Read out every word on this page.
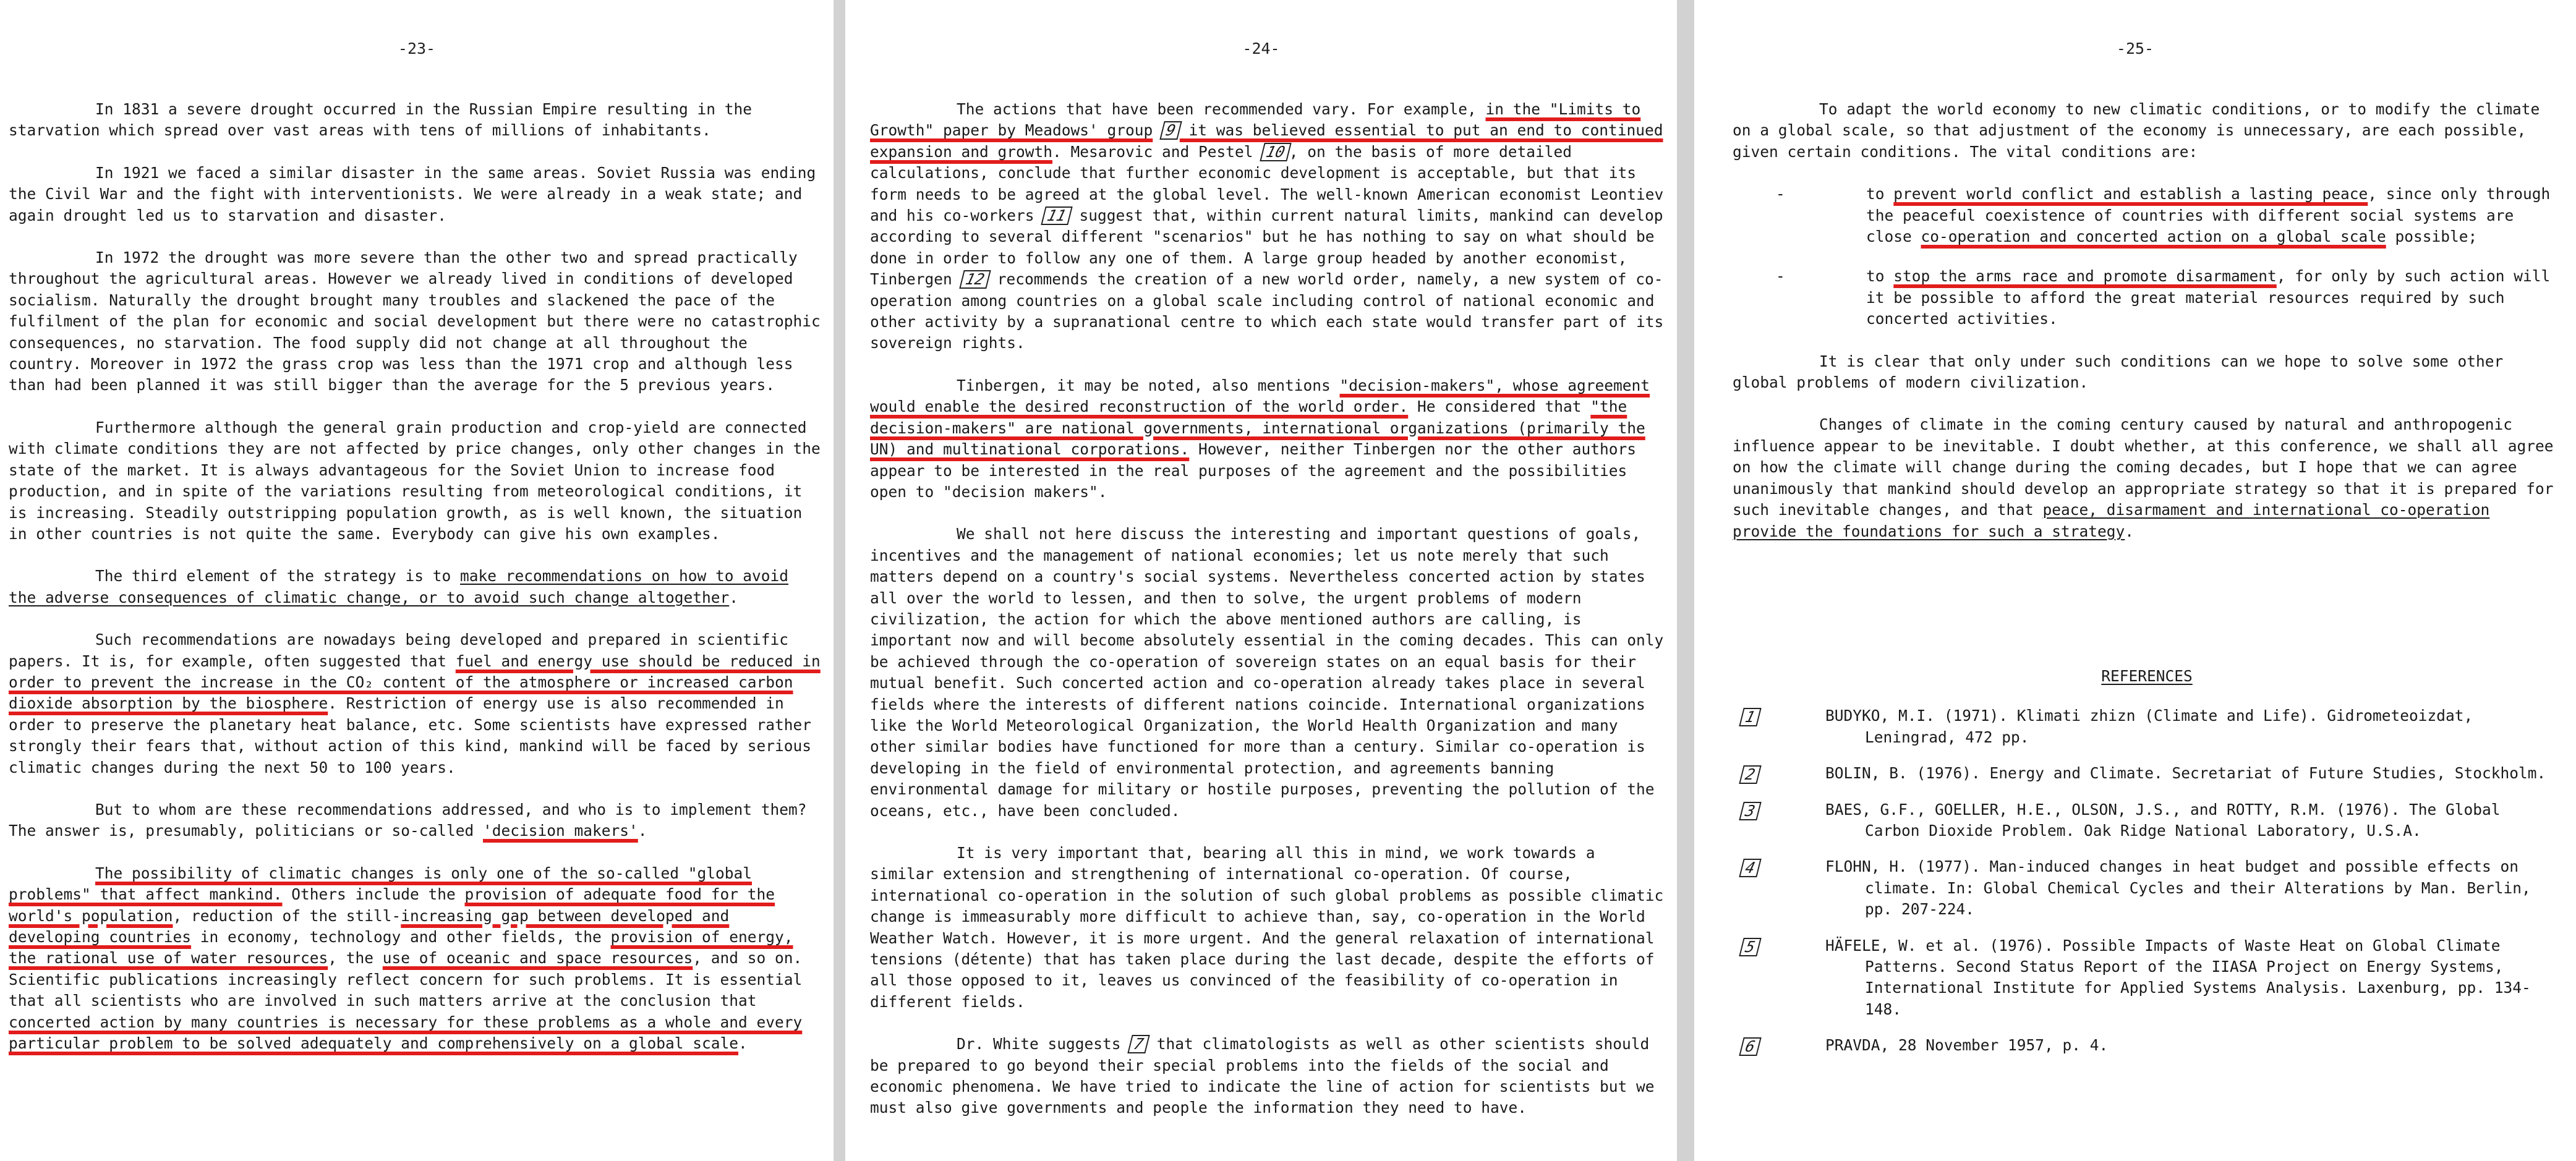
-23-

In 1831 a severe drought occurred in the Russian Empire resulting in the starvation which spread over vast areas with tens of millions of inhabitants.

In 1921 we faced a similar disaster in the same areas. Soviet Russia was ending the Civil War and the fight with interventionists. We were already in a weak state; and again drought led us to starvation and disaster.

In 1972 the drought was more severe than the other two and spread practically throughout the agricultural areas. However we already lived in conditions of developed socialism. Naturally the drought brought many troubles and slackened the pace of the fulfilment of the plan for economic and social development but there were no catastrophic consequences, no starvation. The food supply did not change at all throughout the country. Moreover in 1972 the grass crop was less than the 1971 crop and although less than had been planned it was still bigger than the average for the 5 previous years.

Furthermore although the general grain production and crop-yield are connected with climate conditions they are not affected by price changes, only other changes in the state of the market. It is always advantageous for the Soviet Union to increase food production, and in spite of the variations resulting from meteorological conditions, it is increasing. Steadily outstripping population growth, as is well known, the situation in other countries is not quite the same. Everybody can give his own examples.

The third element of the strategy is to make recommendations on how to avoid the adverse consequences of climatic change, or to avoid such change altogether.

Such recommendations are nowadays being developed and prepared in scientific papers. It is, for example, often suggested that fuel and energy use should be reduced in order to prevent the increase in the CO₂ content of the atmosphere or increased carbon dioxide absorption by the biosphere. Restriction of energy use is also recommended in order to preserve the planetary heat balance, etc. Some scientists have expressed rather strongly their fears that, without action of this kind, mankind will be faced by serious climatic changes during the next 50 to 100 years.

But to whom are these recommendations addressed, and who is to implement them? The answer is, presumably, politicians or so-called 'decision makers'.

The possibility of climatic changes is only one of the so-called "global problems" that affect mankind. Others include the provision of adequate food for the world's population, reduction of the still-increasing gap between developed and developing countries in economy, technology and other fields, the provision of energy, the rational use of water resources, the use of oceanic and space resources, and so on. Scientific publications increasingly reflect concern for such problems. It is essential that all scientists who are involved in such matters arrive at the conclusion that concerted action by many countries is necessary for these problems as a whole and every particular problem to be solved adequately and comprehensively on a global scale.

-24-

The actions that have been recommended vary. For example, in the "Limits to Growth" paper by Meadows' group 9 it was believed essential to put an end to continued expansion and growth. Mesarovic and Pestel 10 , on the basis of more detailed calculations, conclude that further economic development is acceptable, but that its form needs to be agreed at the global level. The well-known American economist Leontiev and his co-workers 11 suggest that, within current natural limits, mankind can develop according to several different "scenarios" but he has nothing to say on what should be done in order to follow any one of them. A large group headed by another economist, Tinbergen 12 recommends the creation of a new world order, namely, a new system of co-operation among countries on a global scale including control of national economic and other activity by a supranational centre to which each state would transfer part of its sovereign rights.

Tinbergen, it may be noted, also mentions "decision-makers", whose agreement would enable the desired reconstruction of the world order. He considered that "the decision-makers" are national governments, international organizations (primarily the UN) and multinational corporations. However, neither Tinbergen nor the other authors appear to be interested in the real purposes of the agreement and the possibilities open to "decision makers".

We shall not here discuss the interesting and important questions of goals, incentives and the management of national economies; let us note merely that such matters depend on a country's social systems. Nevertheless concerted action by states all over the world to lessen, and then to solve, the urgent problems of modern civilization, the action for which the above mentioned authors are calling, is important now and will become absolutely essential in the coming decades. This can only be achieved through the co-operation of sovereign states on an equal basis for their mutual benefit. Such concerted action and co-operation already takes place in several fields where the interests of different nations coincide. International organizations like the World Meteorological Organization, the World Health Organization and many other similar bodies have functioned for more than a century. Similar co-operation is developing in the field of environmental protection, and agreements banning environmental damage for military or hostile purposes, preventing the pollution of the oceans, etc., have been concluded.

It is very important that, bearing all this in mind, we work towards a similar extension and strengthening of international co-operation. Of course, international co-operation in the solution of such global problems as possible climatic change is immeasurably more difficult to achieve than, say, co-operation in the World Weather Watch. However, it is more urgent. And the general relaxation of international tensions (détente) that has taken place during the last decade, despite the efforts of all those opposed to it, leaves us convinced of the feasibility of co-operation in different fields.

Dr. White suggests 7 that climatologists as well as other scientists should be prepared to go beyond their special problems into the fields of the social and economic phenomena. We have tried to indicate the line of action for scientists but we must also give governments and people the information they need to have.

-25-

To adapt the world economy to new climatic conditions, or to modify the climate on a global scale, so that adjustment of the economy is unnecessary, are each possible, given certain conditions. The vital conditions are:

-	to prevent world conflict and establish a lasting peace, since only through the peaceful coexistence of countries with different social systems are close co-operation and concerted action on a global scale possible;
-	to stop the arms race and promote disarmament, for only by such action will it be possible to afford the great material resources required by such concerted activities.

It is clear that only under such conditions can we hope to solve some other global problems of modern civilization.

Changes of climate in the coming century caused by natural and anthropogenic influence appear to be inevitable. I doubt whether, at this conference, we shall all agree on how the climate will change during the coming decades, but I hope that we can agree unanimously that mankind should develop an appropriate strategy so that it is prepared for such inevitable changes, and that peace, disarmament and international co-operation provide the foundations for such a strategy.

REFERENCES
1	BUDYKO, M.I. (1971). Klimati zhizn (Climate and Life). Gidrometeoizdat, Leningrad, 472 pp.
2	BOLIN, B. (1976). Energy and Climate. Secretariat of Future Studies, Stockholm.
3	BAES, G.F., GOELLER, H.E., OLSON, J.S., and ROTTY, R.M. (1976). The Global Carbon Dioxide Problem. Oak Ridge National Laboratory, U.S.A.
4	FLOHN, H. (1977). Man-induced changes in heat budget and possible effects on climate. In: Global Chemical Cycles and their Alterations by Man. Berlin, pp. 207-224.
5	HÄFELE, W. et al. (1976). Possible Impacts of Waste Heat on Global Climate Patterns. Second Status Report of the IIASA Project on Energy Systems, International Institute for Applied Systems Analysis. Laxenburg, pp. 134-148.
6	PRAVDA, 28 November 1957, p. 4.
